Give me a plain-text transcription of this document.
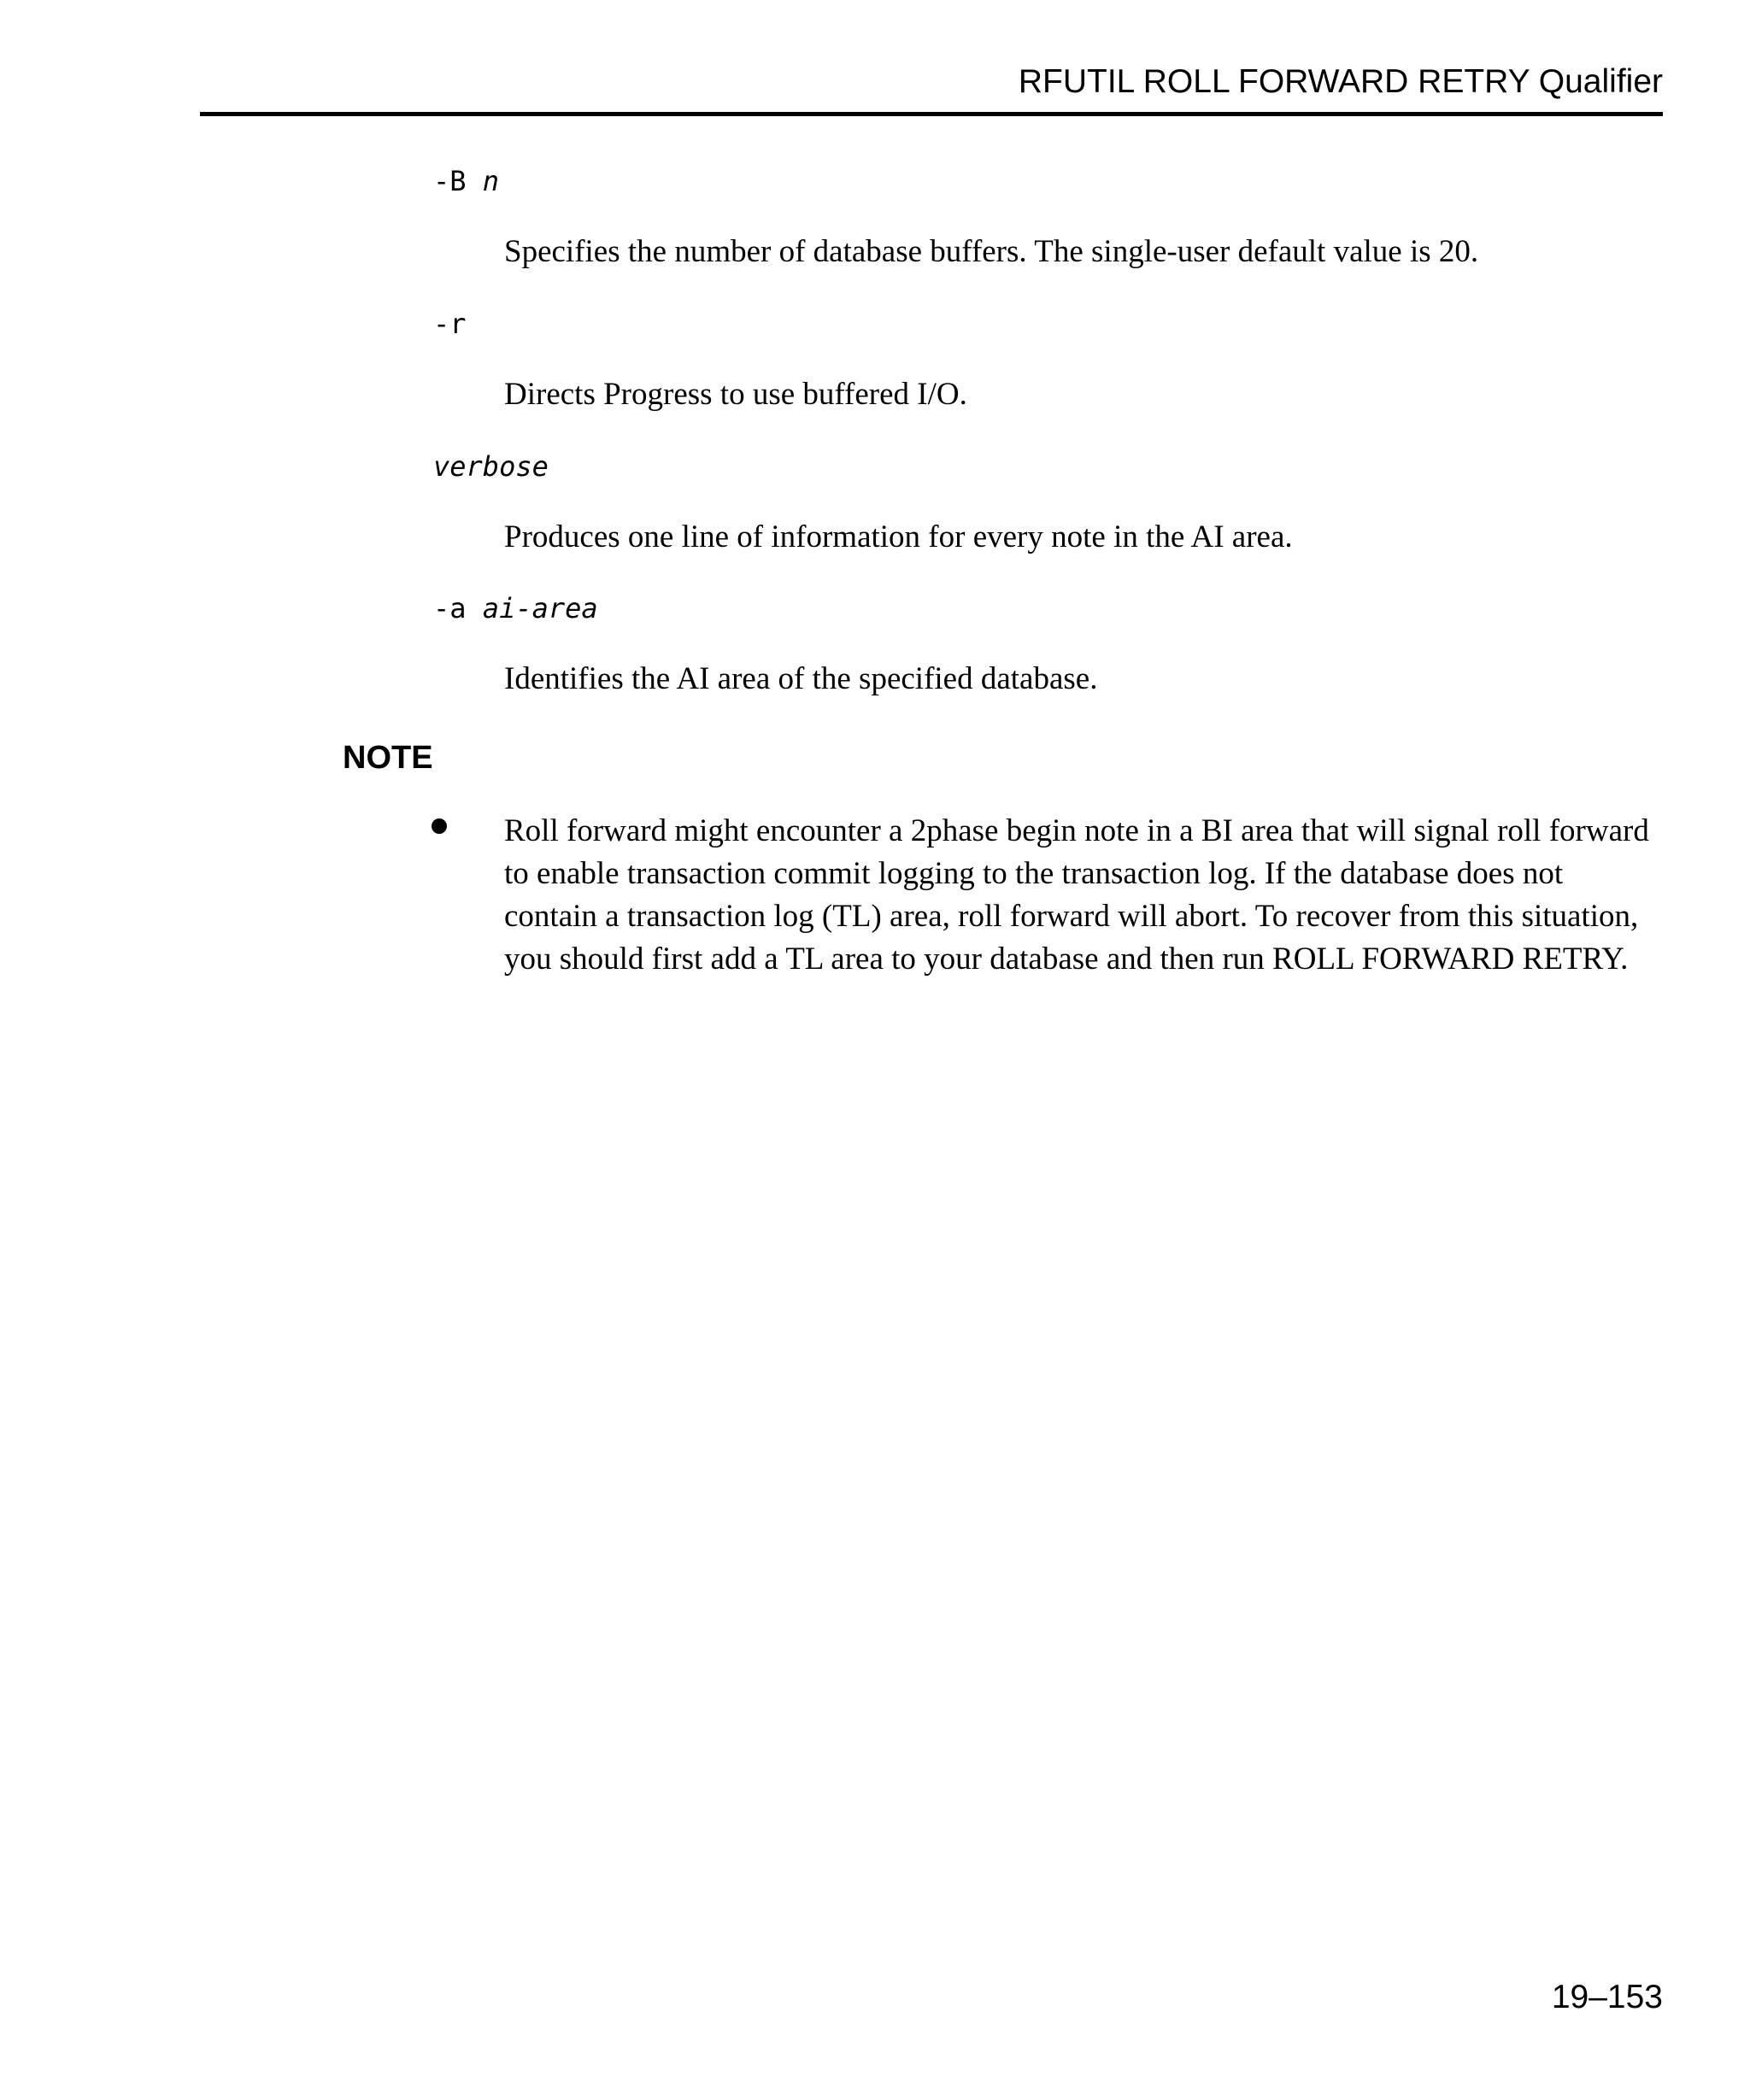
RFUTIL ROLL FORWARD RETRY Qualifier
-B n
Specifies the number of database buffers. The single-user default value is 20.
-r
Directs Progress to use buffered I/O.
verbose
Produces one line of information for every note in the AI area.
-a ai-area
Identifies the AI area of the specified database.
NOTE
Roll forward might encounter a 2phase begin note in a BI area that will signal roll forward
to enable transaction commit logging to the transaction log. If the database does not
contain a transaction log (TL) area, roll forward will abort. To recover from this situation,
you should first add a TL area to your database and then run ROLL FORWARD RETRY.
19–153
